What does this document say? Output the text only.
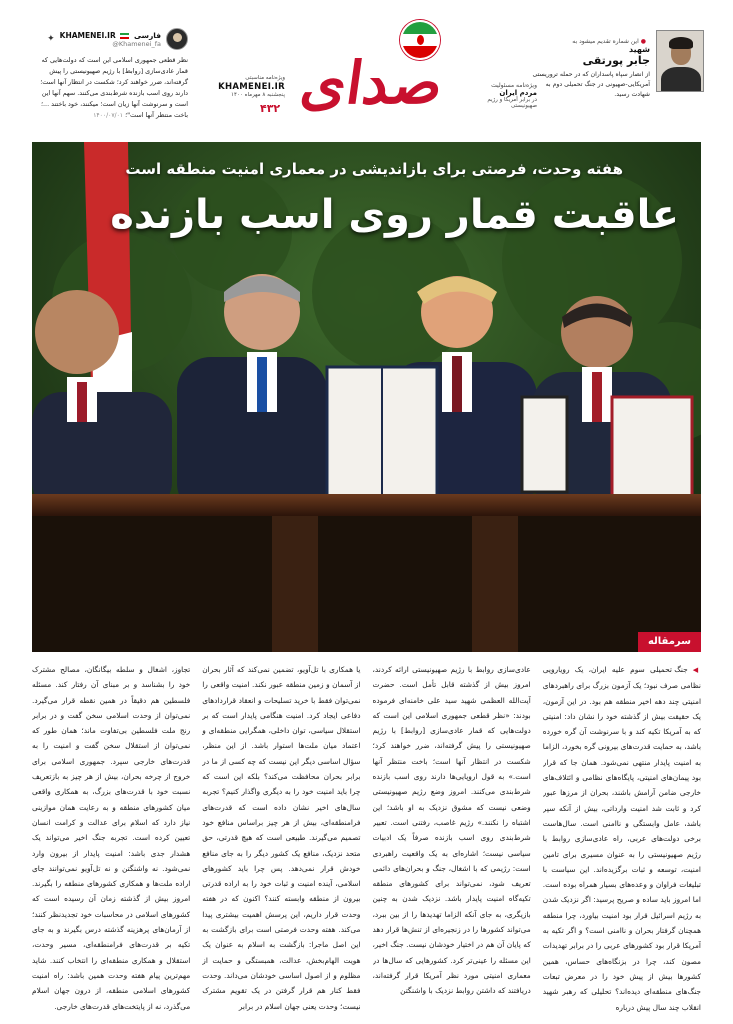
✦ KHAMENEI.IR فارسی
@Khamenei_fa

نظر قطعی جمهوری اسلامی این است که دولت‌هایی که قمار عادی‌سازی [روابط] با رژیم صهیونیستی را پیش گرفته‌اند، ضرر خواهند کرد؛ شکست در انتظار آنها است؛ دارند روی اسب بازنده شرط‌بندی می‌کنند. سهم آنها این است و سرنوشت آنها زیان است؛ میکنند، خود باختند ...؛ باخت منتظر آنها است"؛ ۱۴۰۰/۰۷/۰۱

ویژه‌نامه مناسبتی
KHAMENEI.IR
پنجشنبه ۸ مهرماه ۱۴۰۰
۴۳۲ صدای	ویژه‌نامه مسئولیت
مردم ایران
در برابر آمریکا و رژیم صهیونیستی
● این شماره تقدیم میشود به
شهید
جابر پورتقی
از انصار سپاه پاسداران که در حمله تروریستی آمریکایی-صهیونی در جنگ تحمیلی دوم به شهادت رسید.
هفته وحدت، فرصتی برای بازاندیشی در معماری امنیت منطقه است
عاقبت قمار روی اسب بازنده
سرمقاله
◀ جنگ تحمیلی سوم علیه ایران، یک رویارویی نظامی صرف نبود؛ یک آزمون بزرگ برای راهبردهای امنیتی چند دهه اخیر منطقه هم بود. در این آزمون، یک حقیقت بیش از گذشته خود را نشان داد: امنیتی که به آمریکا تکیه کند و با سرنوشت آن گره خورده باشد، به حمایت قدرت‌های بیرونی گره بخورد، الزاما به امنیت پایدار منتهی نمی‌شود. همان جا که قرار بود پیمان‌های امنیتی، پایگاه‌های نظامی و ائتلاف‌های خارجی ضامن آرامش باشند، بحران از مرزها عبور کرد و ثابت شد امنیت وارداتی، بیش از آنکه سپر باشد، عامل وابستگی و ناامنی است. سال‌هاست برخی دولت‌های عربی، راه عادی‌سازی روابط با رژیم صهیونیستی را به عنوان مسیری برای تامین امنیت، توسعه و ثبات برگزیده‌اند. این سیاست با تبلیغات فراوان و وعده‌های بسیار همراه بوده است. اما امروز باید ساده و صریح پرسید: اگر نزدیک شدن به رژیم اسرائیل قرار بود امنیت بیاورد، چرا منطقه همچنان گرفتار بحران و ناامنی است؟ و اگر تکیه به آمریکا قرار بود کشورهای عربی را در برابر تهدیدات مصون کند، چرا در بزنگاه‌های حساس، همین کشورها بیش از پیش خود را در معرض تبعات جنگ‌های منطقه‌ای دیده‌اند؟ تحلیلی که رهبر شهید انقلاب چند سال پیش درباره
عادی‌سازی روابط با رژیم صهیونیستی ارائه کردند، امروز بیش از گذشته قابل تأمل است. حضرت آیت‌الله العظمی شهید سید علی خامنه‌ای فرموده بودند: «نظر قطعی جمهوری اسلامی این است که دولت‌هایی که قمار عادی‌سازی [روابط] با رژیم صهیونیستی را پیش گرفته‌اند، ضرر خواهند کرد؛ شکست در انتظار آنها است؛ باخت منتظر آنها است.» به قول اروپایی‌ها دارند روی اسب بازنده شرط‌بندی می‌کنند. امروز وضع رژیم صهیونیستی وضعی نیست که مشوق نزدیک به او باشد؛ این اشتباه را نکنند.» رژیم غاصب، رفتنی است. تعبیر شرط‌بندی روی اسب بازنده صرفاً یک ادبیات سیاسی نیست؛ اشاره‌ای به یک واقعیت راهبردی است: رژیمی که با اشغال، جنگ و بحران‌های دائمی تعریف شود، نمی‌تواند برای کشورهای منطقه تکیه‌گاه امنیت پایدار باشد. نزدیک شدن به چنین بازیگری، به جای آنکه الزاما تهدیدها را از بین ببرد، می‌تواند کشورها را در زنجیره‌ای از تنش‌ها قرار دهد که پایان آن هم در اختیار خودشان نیست. جنگ اخیر، این مسئله را عینی‌تر کرد. کشورهایی که سال‌ها در معماری امنیتی مورد نظر آمریکا قرار گرفته‌اند، دریافتند که داشتن روابط نزدیک با واشنگتن
یا همکاری با تل‌آویو، تضمین نمی‌کند که آثار بحران از آسمان و زمین منطقه عبور نکند. امنیت واقعی را نمی‌توان فقط با خرید تسلیحات و انعقاد قراردادهای دفاعی ایجاد کرد. امنیت هنگامی پایدار است که بر استقلال سیاسی، توان داخلی، همگرایی منطقه‌ای و اعتماد میان ملت‌ها استوار باشد. از این منظر، سؤال اساسی دیگر این نیست که چه کسی از ما در برابر بحران محافظت می‌کند؟ بلکه این است که چرا باید امنیت خود را به دیگری واگذار کنیم؟ تجربه سال‌های اخیر نشان داده است که قدرت‌های فرامنطقه‌ای، بیش از هر چیز براساس منافع خود تصمیم می‌گیرند. طبیعی است که هیچ قدرتی، حق متحد نزدیک، منافع یک کشور دیگر را به جای منافع خودش قرار نمی‌دهد. پس چرا باید کشورهای اسلامی، آینده امنیت و ثبات خود را به اراده قدرتی بیرون از منطقه وابسته کنند؟ اکنون که در هفته وحدت قرار داریم، این پرسش اهمیت بیشتری پیدا می‌کند. هفته وحدت فرصتی است برای بازگشت به این اصل ماجرا: بازگشت به اسلام به عنوان یک هویت الهام‌بخش، عدالت، همبستگی و حمایت از مظلوم و از اصول اساسی خودشان می‌داند. وحدت فقط کنار هم قرار گرفتن در یک تقویم مشترک نیست؛ وحدت یعنی جهان اسلام در برابر
تجاوز، اشغال و سلطه بیگانگان، مصالح مشترک خود را بشناسد و بر مبنای آن رفتار کند. مسئله فلسطین هم دقیقاً در همین نقطه قرار می‌گیرد. نمی‌توان از وحدت اسلامی سخن گفت و در برابر رنج ملت فلسطین بی‌تفاوت ماند؛ همان طور که نمی‌توان از استقلال سخن گفت و امنیت را به قدرت‌های خارجی سپرد. جمهوری اسلامی برای خروج از چرخه بحران، بیش از هر چیز به بازتعریف نسبت خود با قدرت‌های بزرگ، به همکاری واقعی میان کشورهای منطقه و به رعایت همان موازینی نیاز دارد که اسلام برای عدالت و کرامت انسان تعیین کرده است. تجربه جنگ اخیر می‌تواند یک هشدار جدی باشد: امنیت پایدار از بیرون وارد نمی‌شود. نه واشنگتن و نه تل‌آویو نمی‌توانند جای اراده ملت‌ها و همکاری کشورهای منطقه را بگیرند. امروز بیش از گذشته زمان آن رسیده است که کشورهای اسلامی در محاسبات خود تجدیدنظر کنند؛ از آرمان‌های پرهزینه گذشته درس بگیرند و به جای تکیه بر قدرت‌های فرامنطقه‌ای، مسیر وحدت، استقلال و همکاری منطقه‌ای را انتخاب کنند. شاید مهم‌ترین پیام هفته وحدت همین باشد: راه امنیت کشورهای اسلامی منطقه، از درون جهان اسلام می‌گذرد، نه از پایتخت‌های قدرت‌های خارجی.
